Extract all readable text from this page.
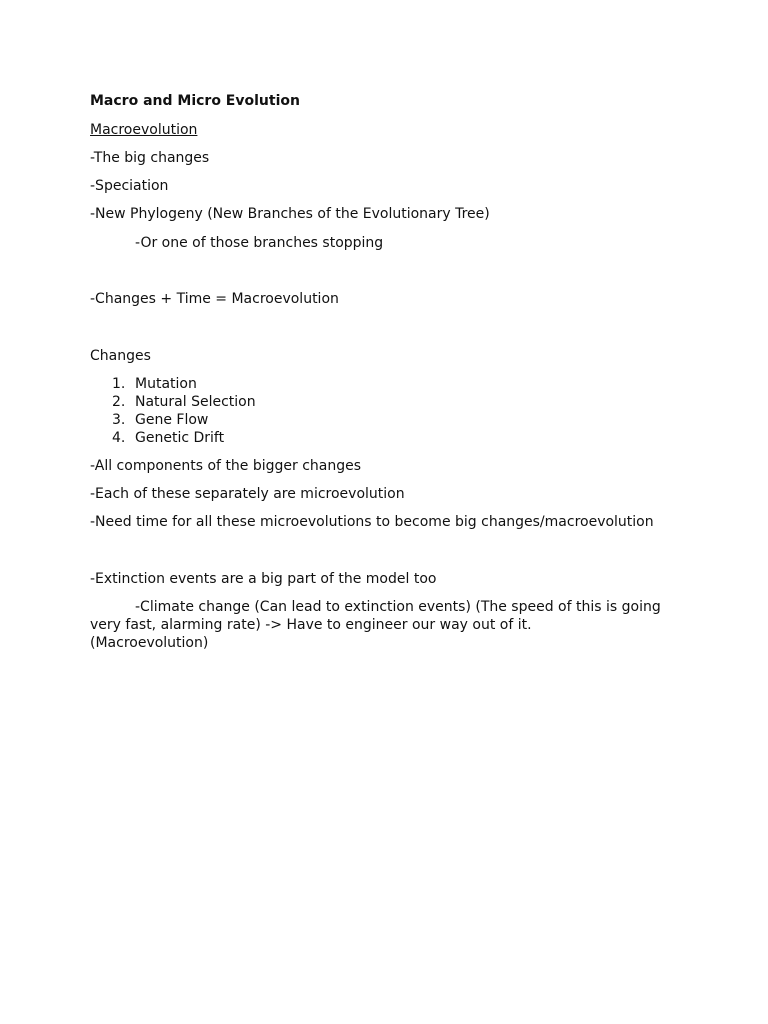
Macro and Micro Evolution
Macroevolution
-The big changes
-Speciation
-New Phylogeny (New Branches of the Evolutionary Tree)
-Or one of those branches stopping
-Changes + Time = Macroevolution
Changes
1. Mutation
2. Natural Selection
3. Gene Flow
4. Genetic Drift
-All components of the bigger changes
-Each of these separately are microevolution
-Need time for all these microevolutions to become big changes/macroevolution
-Extinction events are a big part of the model too
-Climate change (Can lead to extinction events) (The speed of this is going
very fast, alarming rate) -> Have to engineer our way out of it.
(Macroevolution)
